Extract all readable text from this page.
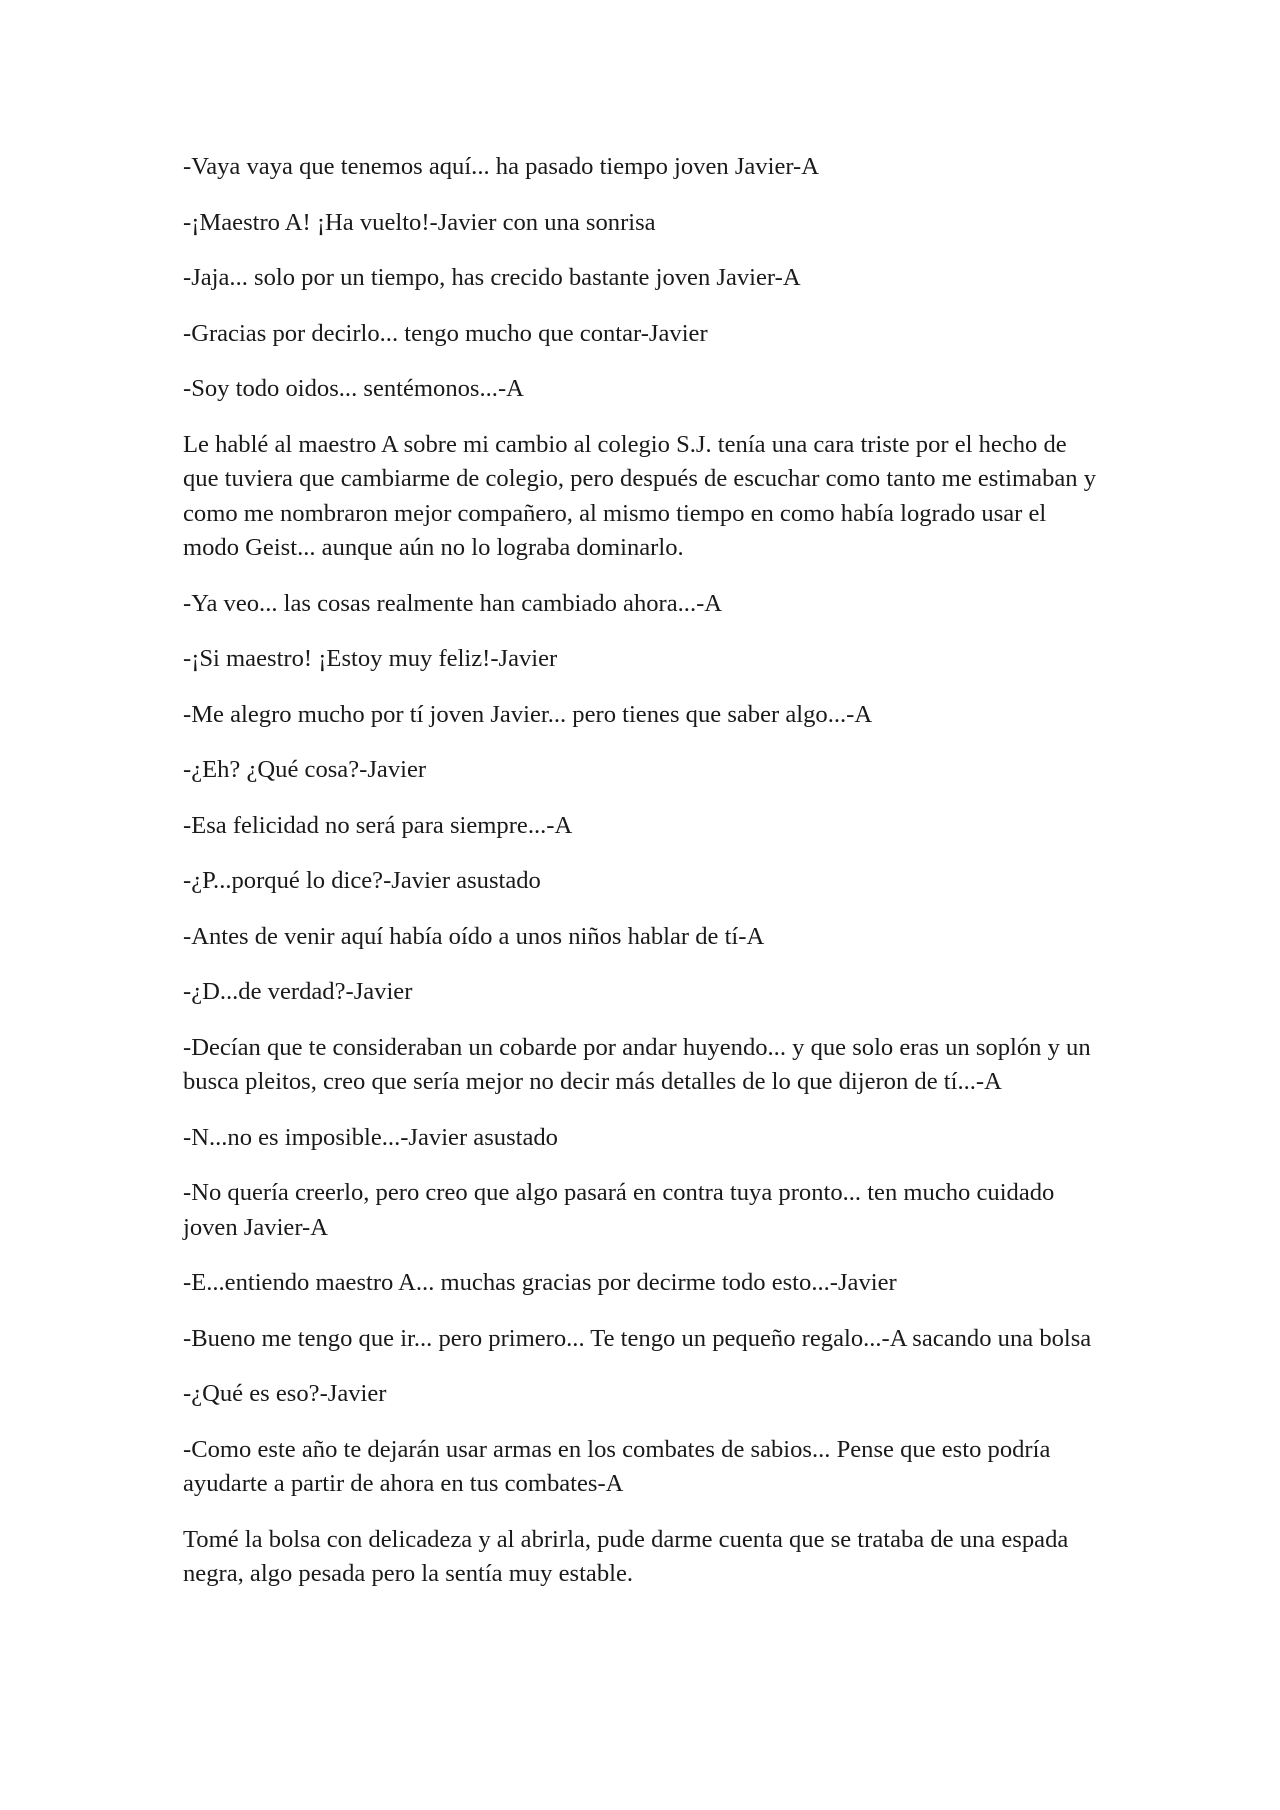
-Vaya vaya que tenemos aquí... ha pasado tiempo joven Javier-A

-¡Maestro A! ¡Ha vuelto!-Javier con una sonrisa

-Jaja... solo por un tiempo, has crecido bastante joven Javier-A

-Gracias por decirlo... tengo mucho que contar-Javier

-Soy todo oidos... sentémonos...-A

Le hablé al maestro A sobre mi cambio al colegio S.J. tenía una cara triste por el hecho de que tuviera que cambiarme de colegio, pero después de escuchar como tanto me estimaban y como me nombraron mejor compañero, al mismo tiempo en como había logrado usar el modo Geist... aunque aún no lo lograba dominarlo.

-Ya veo... las cosas realmente han cambiado ahora...-A

-¡Si maestro! ¡Estoy muy feliz!-Javier

-Me alegro mucho por tí joven Javier... pero tienes que saber algo...-A

-¿Eh? ¿Qué cosa?-Javier

-Esa felicidad no será para siempre...-A

-¿P...porqué lo dice?-Javier asustado

-Antes de venir aquí había oído a unos niños hablar de tí-A

-¿D...de verdad?-Javier

-Decían que te consideraban un cobarde por andar huyendo... y que solo eras un soplón y un busca pleitos, creo que sería mejor no decir más detalles de lo que dijeron de tí...-A

-N...no es imposible...-Javier asustado

-No quería creerlo, pero creo que algo pasará en contra tuya pronto... ten mucho cuidado joven Javier-A

-E...entiendo maestro A... muchas gracias por decirme todo esto...-Javier

-Bueno me tengo que ir... pero primero... Te tengo un pequeño regalo...-A sacando una bolsa

-¿Qué es eso?-Javier

-Como este año te dejarán usar armas en los combates de sabios... Pense que esto podría ayudarte a partir de ahora en tus combates-A

Tomé la bolsa con delicadeza y al abrirla, pude darme cuenta que se trataba de una espada negra, algo pesada pero la sentía muy estable.
